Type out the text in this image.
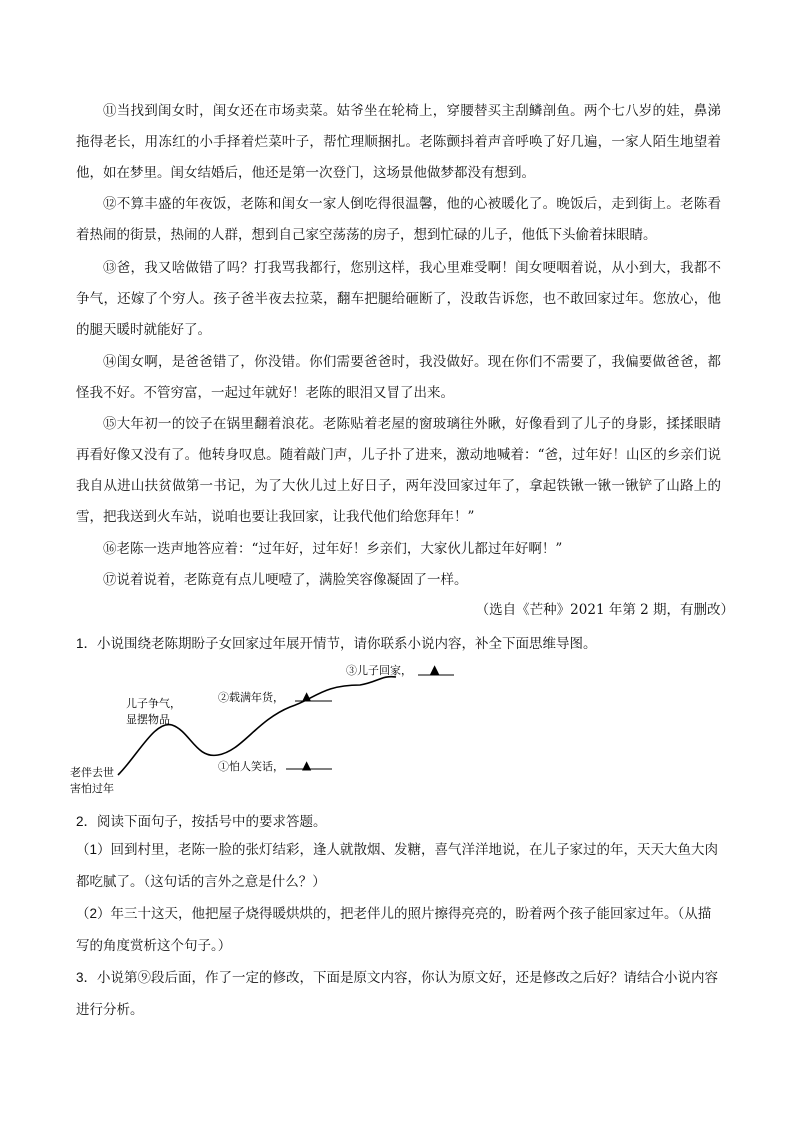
⑪当找到闺女时，闺女还在市场卖菜。姑爷坐在轮椅上，穿腰替买主刮鳞剖鱼。两个七八岁的娃，鼻涕拖得老长，用冻红的小手择着烂菜叶子，帮忙理顺捆扎。老陈颤抖着声音呼唤了好几遍，一家人陌生地望着他，如在梦里。闺女结婚后，他还是第一次登门，这场景他做梦都没有想到。
⑫不算丰盛的年夜饭，老陈和闺女一家人倒吃得很温馨，他的心被暖化了。晚饭后，走到街上。老陈看着热闹的街景，热闹的人群，想到自己家空荡荡的房子，想到忙碌的儿子，他低下头偷着抹眼睛。
⑬爸，我又啥做错了吗？打我骂我都行，您别这样，我心里难受啊！闺女哽咽着说，从小到大，我都不争气，还嫁了个穷人。孩子爸半夜去拉菜，翻车把腿给砸断了，没敢告诉您，也不敢回家过年。您放心，他的腿天暖时就能好了。
⑭闺女啊，是爸爸错了，你没错。你们需要爸爸时，我没做好。现在你们不需要了，我偏要做爸爸，都怪我不好。不管穷富，一起过年就好！老陈的眼泪又冒了出来。
⑮大年初一的饺子在锅里翻着浪花。老陈贴着老屋的窗玻璃往外瞅，好像看到了儿子的身影，揉揉眼睛再看好像又没有了。他转身叹息。随着敲门声，儿子扑了进来，激动地喊着：“爸，过年好！山区的乡亲们说我自从进山扶贫做第一书记，为了大伙儿过上好日子，两年没回家过年了，拿起铁锹一锹一锹铲了山路上的雪，把我送到火车站，说咱也要让我回家，让我代他们给您拜年！”
⑯老陈一迭声地答应着：“过年好，过年好！乡亲们，大家伙儿都过年好啊！”
⑰说着说着，老陈竟有点儿哽噎了，满脸笑容像凝固了一样。
（选自《芒种》2021 年第 2 期，有删改）
1．小说围绕老陈期盼子女回家过年展开情节，请你联系小说内容，补全下面思维导图。
老伴去世
害怕过年
儿子争气，
显摆物品
①怕人笑话， ▲
②载满年货， ▲
③儿子回家， ▲
2．阅读下面句子，按括号中的要求答题。
（1）回到村里，老陈一脸的张灯结彩，逢人就散烟、发糖，喜气洋洋地说，在儿子家过的年，天天大鱼大肉都吃腻了。（这句话的言外之意是什么？）
（2）年三十这天，他把屋子烧得暖烘烘的，把老伴儿的照片擦得亮亮的，盼着两个孩子能回家过年。（从描写的角度赏析这个句子。）
3．小说第⑨段后面，作了一定的修改，下面是原文内容，你认为原文好，还是修改之后好？请结合小说内容进行分析。
